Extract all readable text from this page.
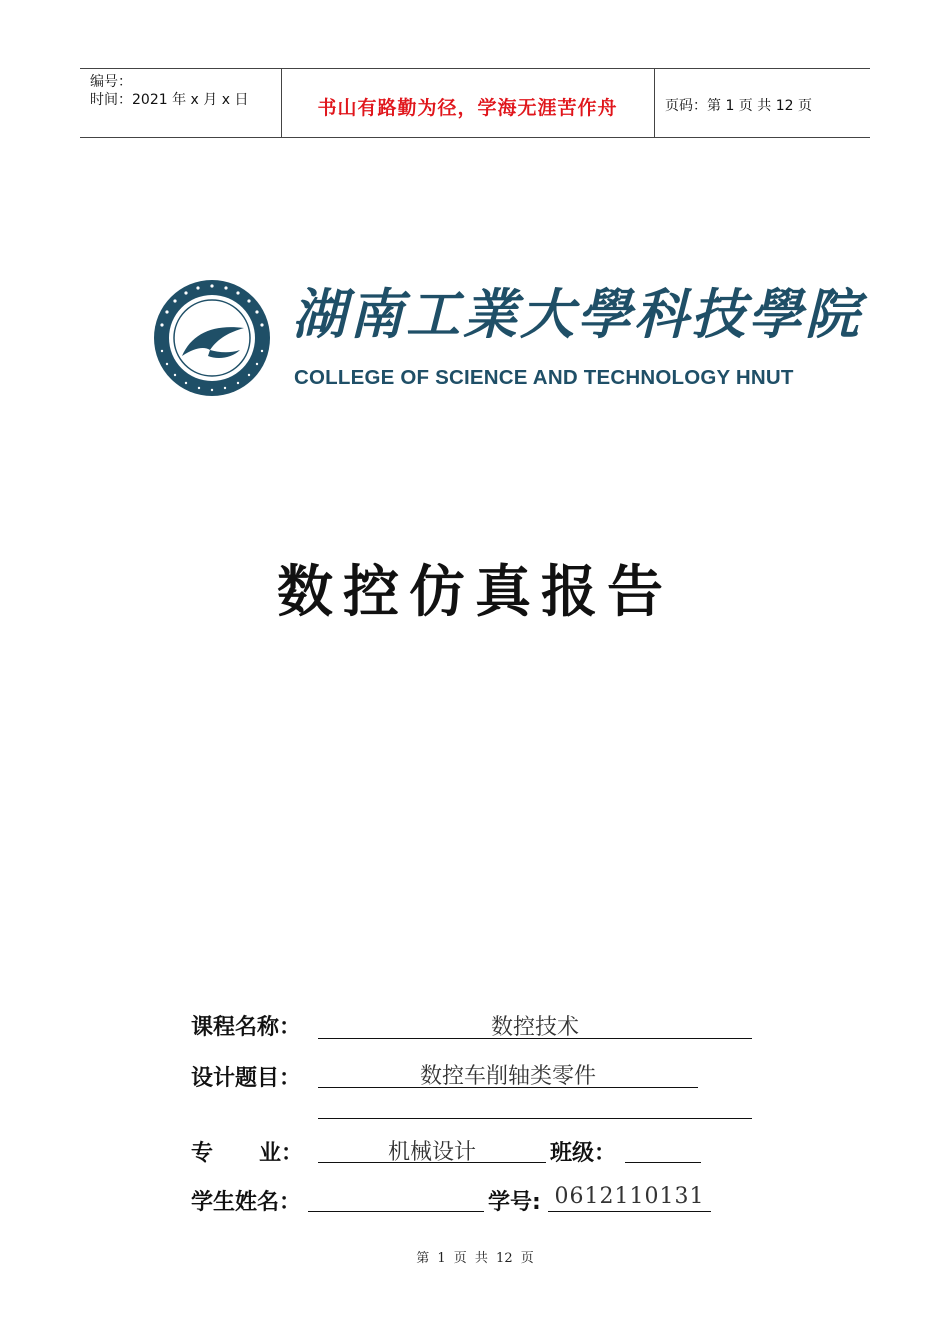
编号：
时间：2021 年 x 月 x 日	书山有路勤为径，学海无涯苦作舟	页码：第 1 页 共 12 页
湖南工業大學科技學院
COLLEGE OF SCIENCE AND TECHNOLOGY HNUT
数控仿真报告
课程名称：	数控技术
设计题目：	数控车削轴类零件
专      业：	机械设计	班级：
学生姓名：	学号: 0612110131
第 1 页 共 12 页
